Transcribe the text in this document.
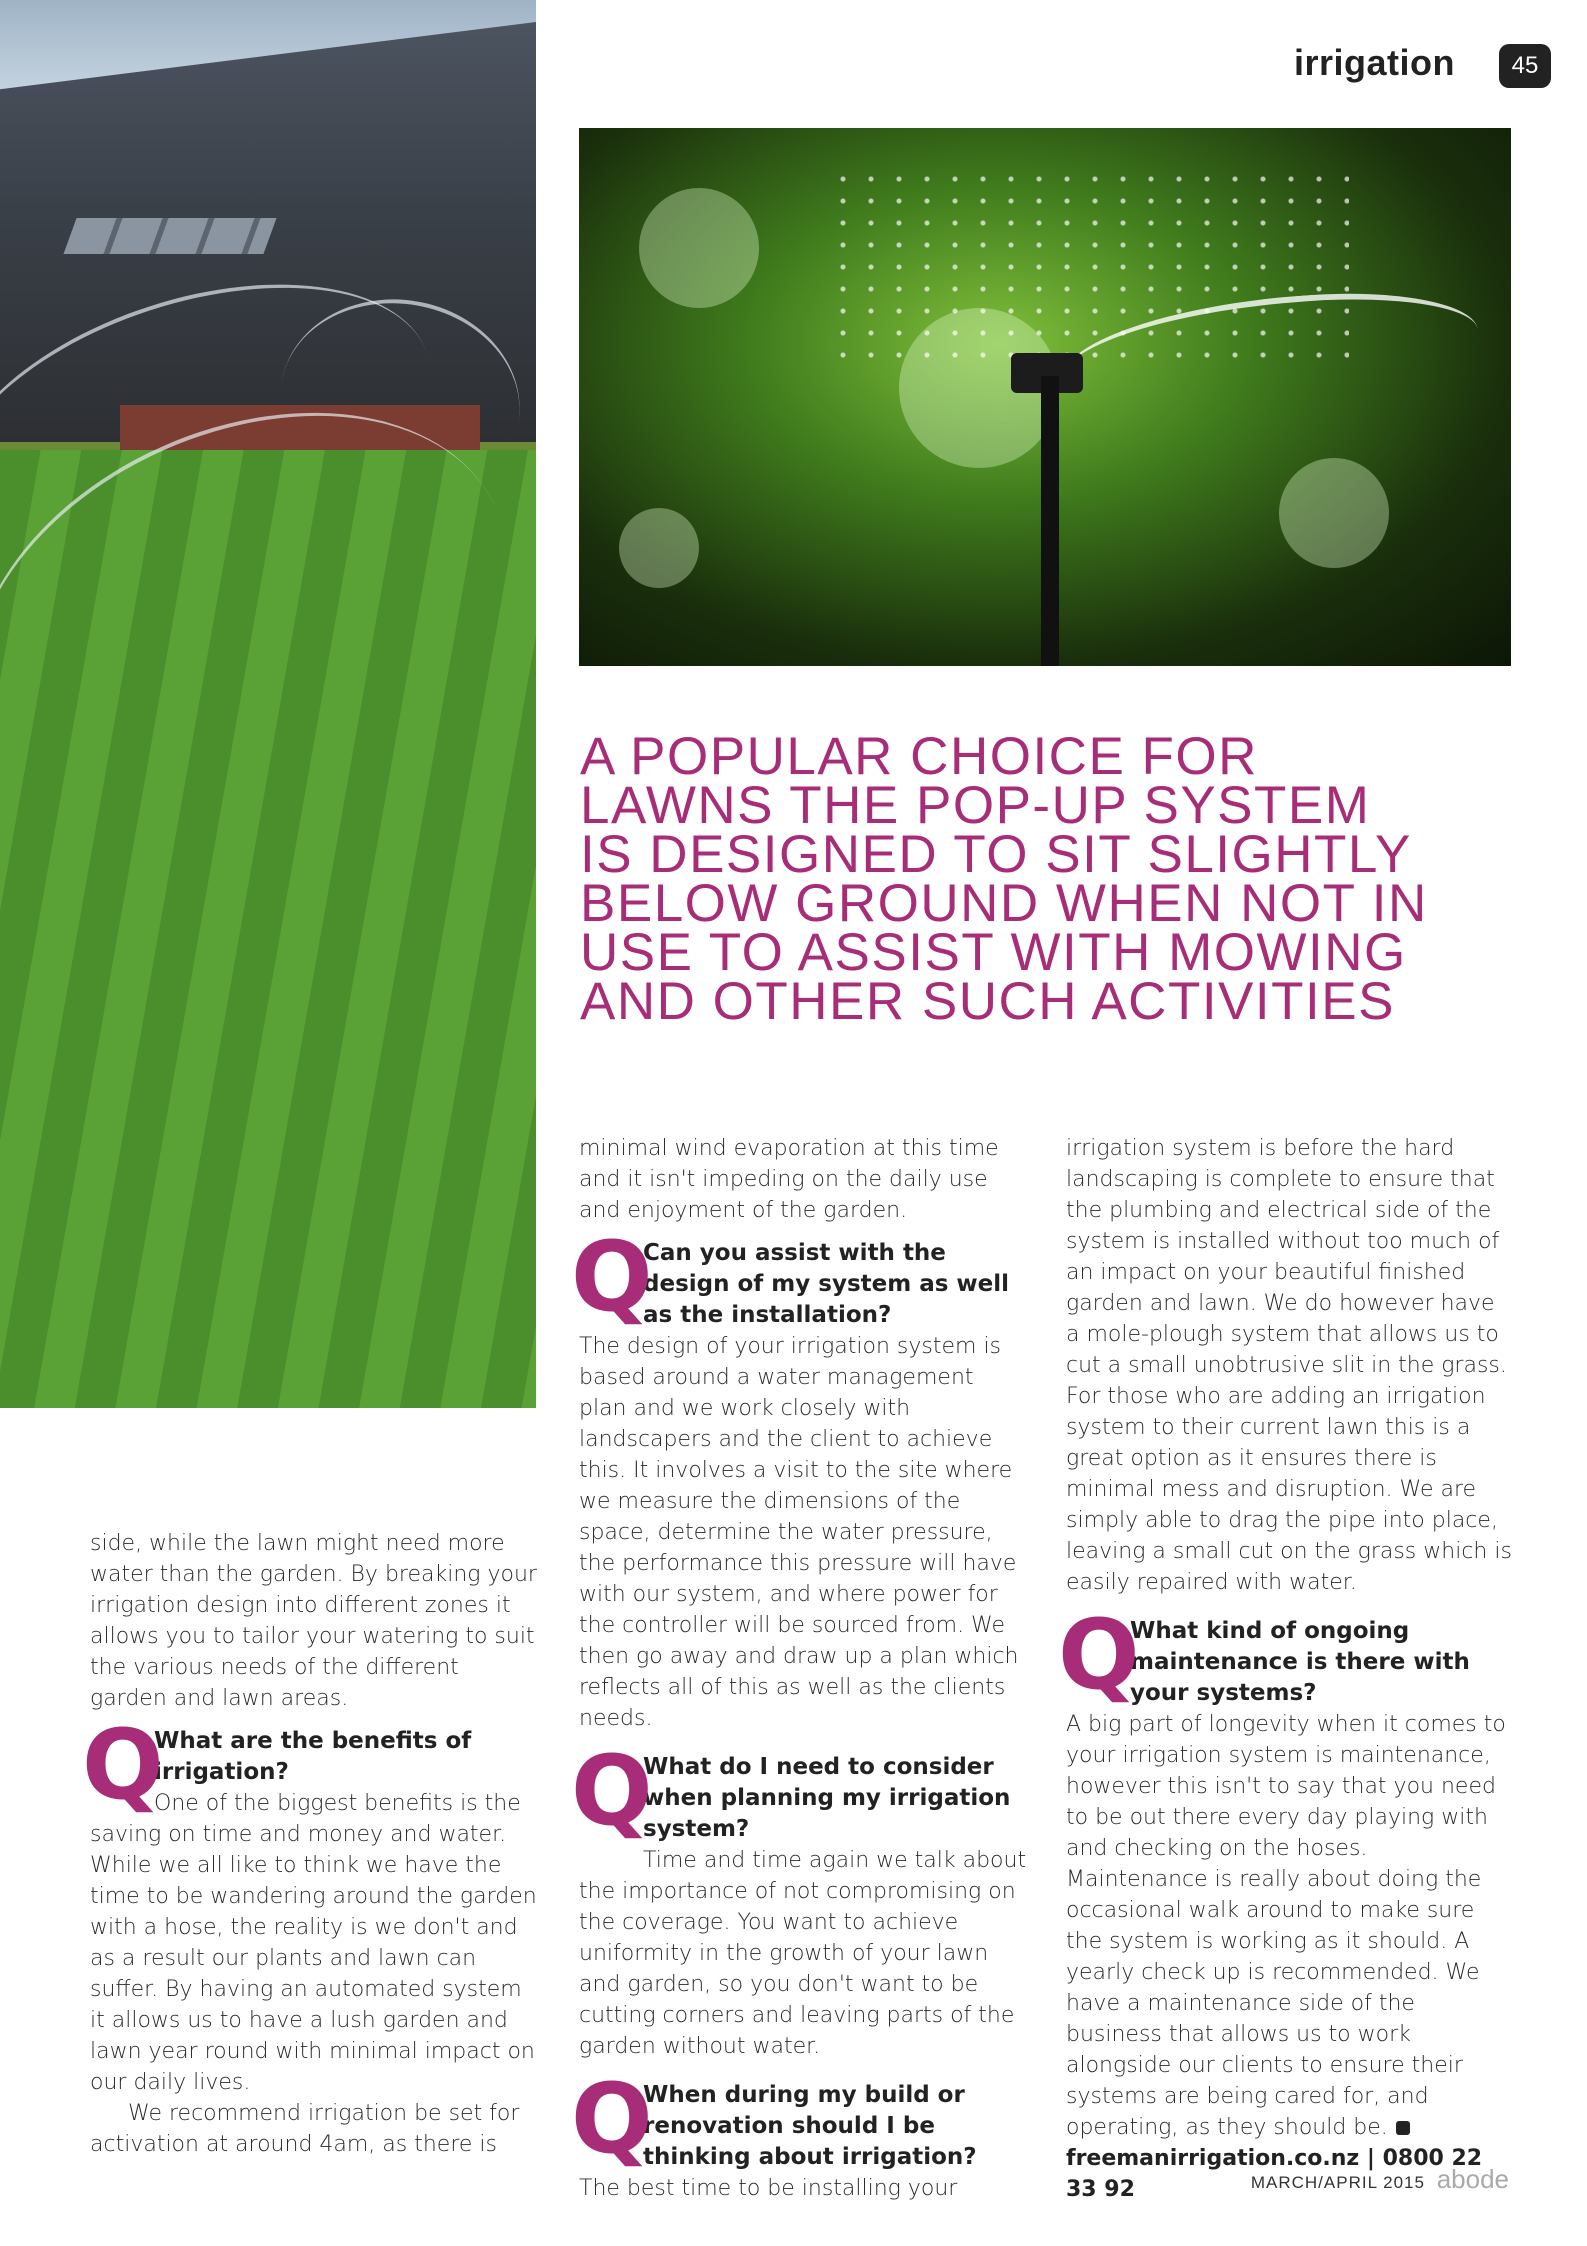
irrigation	45
A POPULAR CHOICE FOR
LAWNS THE POP-UP SYSTEM
IS DESIGNED TO SIT SLIGHTLY
BELOW GROUND WHEN NOT IN
USE TO ASSIST WITH MOWING
AND OTHER SUCH ACTIVITIES

side, while the lawn might need more water than the garden. By breaking your irrigation design into different zones it allows you to tailor your watering to suit the various needs of the different garden and lawn areas.

Q
What are the benefits of irrigation?

One of the biggest benefits is the saving on time and money and water. While we all like to think we have the time to be wandering around the garden with a hose, the reality is we don't and as a result our plants and lawn can suffer. By having an automated system it allows us to have a lush garden and lawn year round with minimal impact on our daily lives.

We recommend irrigation be set for activation at around 4am, as there is

minimal wind evaporation at this time and it isn't impeding on the daily use and enjoyment of the garden.

Q
Can you assist with the design of my system as well as the installation?

The design of your irrigation system is based around a water management plan and we work closely with landscapers and the client to achieve this. It involves a visit to the site where we measure the dimensions of the space, determine the water pressure, the performance this pressure will have with our system, and where power for the controller will be sourced from. We then go away and draw up a plan which reflects all of this as well as the clients needs.

Q
What do I need to consider when planning my irrigation system?

Time and time again we talk about the importance of not compromising on the coverage. You want to achieve uniformity in the growth of your lawn and garden, so you don't want to be cutting corners and leaving parts of the garden without water.

Q
When during my build or renovation should I be thinking about irrigation?

The best time to be installing your

irrigation system is before the hard landscaping is complete to ensure that the plumbing and electrical side of the system is installed without too much of an impact on your beautiful finished garden and lawn. We do however have a mole-plough system that allows us to cut a small unobtrusive slit in the grass. For those who are adding an irrigation system to their current lawn this is a great option as it ensures there is minimal mess and disruption. We are simply able to drag the pipe into place, leaving a small cut on the grass which is easily repaired with water.

Q
What kind of ongoing maintenance is there with your systems?

A big part of longevity when it comes to your irrigation system is maintenance, however this isn't to say that you need to be out there every day playing with and checking on the hoses. Maintenance is really about doing the occasional walk around to make sure the system is working as it should. A yearly check up is recommended. We have a maintenance side of the business that allows us to work alongside our clients to ensure their systems are being cared for, and operating, as they should be.

freemanirrigation.co.nz | 0800 22 33 92	MARCH/APRIL 2015 abode
